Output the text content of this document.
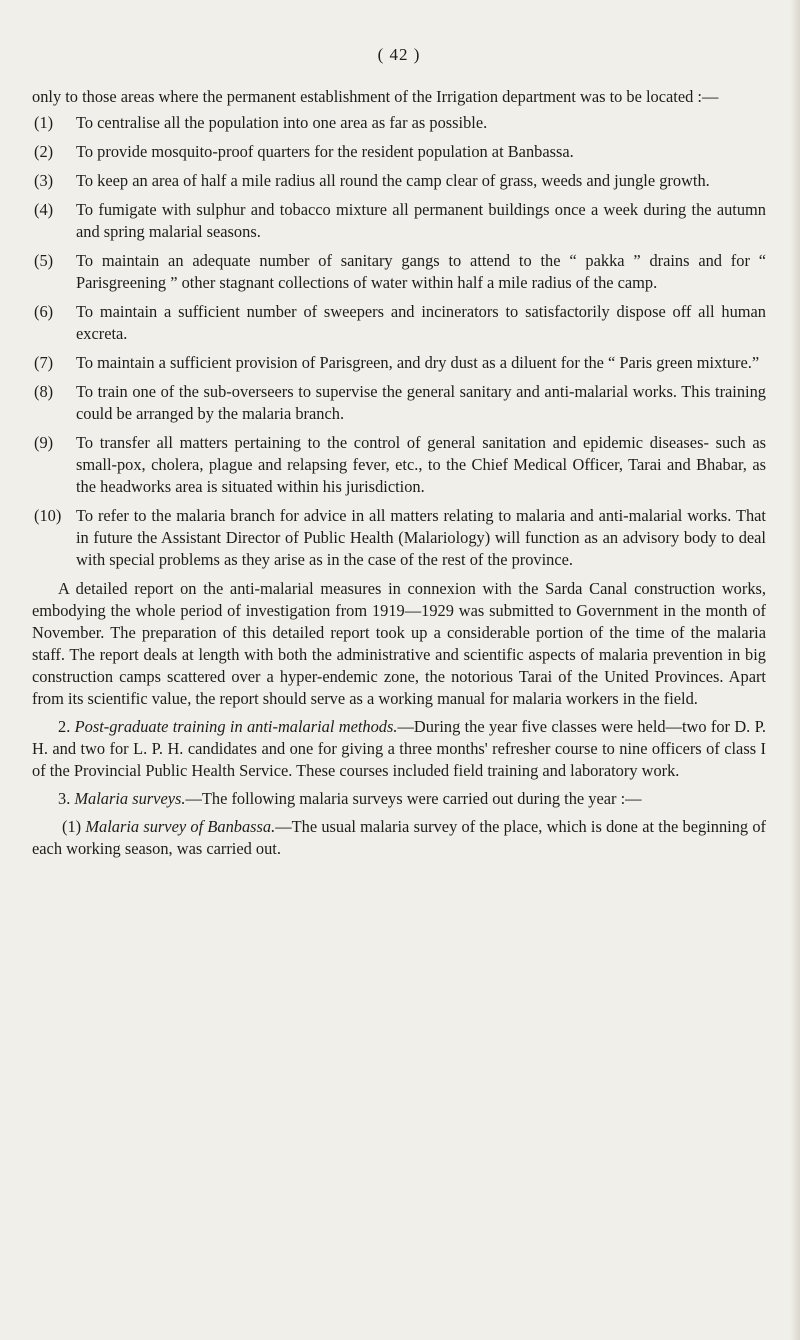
( 42 )

only to those areas where the permanent establishment of the Irrigation department was to be located :—

(1)	To centralise all the population into one area as far as possible.
(2)	To provide mosquito-proof quarters for the resident population at Banbassa.
(3)	To keep an area of half a mile radius all round the camp clear of grass, weeds and jungle growth.
(4)	To fumigate with sulphur and tobacco mixture all permanent buildings once a week during the autumn and spring malarial seasons.
(5)	To maintain an adequate number of sanitary gangs to attend to the “ pakka ” drains and for “ Parisgreening ” other stagnant collections of water within half a mile radius of the camp.
(6)	To maintain a sufficient number of sweepers and incinerators to satisfactorily dispose off all human excreta.
(7)	To maintain a sufficient provision of Parisgreen, and dry dust as a diluent for the “ Paris green mixture.”
(8)	To train one of the sub-overseers to supervise the general sanitary and anti-malarial works. This training could be arranged by the malaria branch.
(9)	To transfer all matters pertaining to the control of general sanitation and epidemic diseases- such as small-pox, cholera, plague and relapsing fever, etc., to the Chief Medical Officer, Tarai and Bhabar, as the headworks area is situated within his jurisdiction.
(10) To refer to the malaria branch for advice in all matters relating to malaria and anti-malarial works. That in future the Assistant Director of Public Health (Malariology) will function as an advisory body to deal with special problems as they arise as in the case of the rest of the province.

A detailed report on the anti-malarial measures in connexion with the Sarda Canal construction works, embodying the whole period of investigation from 1919—1929 was submitted to Government in the month of November. The preparation of this detailed report took up a considerable portion of the time of the malaria staff. The report deals at length with both the administrative and scientific aspects of malaria prevention in big construction camps scattered over a hyper-endemic zone, the notorious Tarai of the United Provinces. Apart from its scientific value, the report should serve as a working manual for malaria workers in the field.

2. Post-graduate training in anti-malarial methods.—During the year five classes were held—two for D. P. H. and two for L. P. H. candidates and one for giving a three months' refresher course to nine officers of class I of the Provincial Public Health Service. These courses included field training and laboratory work.

3. Malaria surveys.—The following malaria surveys were carried out during the year :—

(1) Malaria survey of Banbassa.—The usual malaria survey of the place, which is done at the beginning of each working season, was carried out.
